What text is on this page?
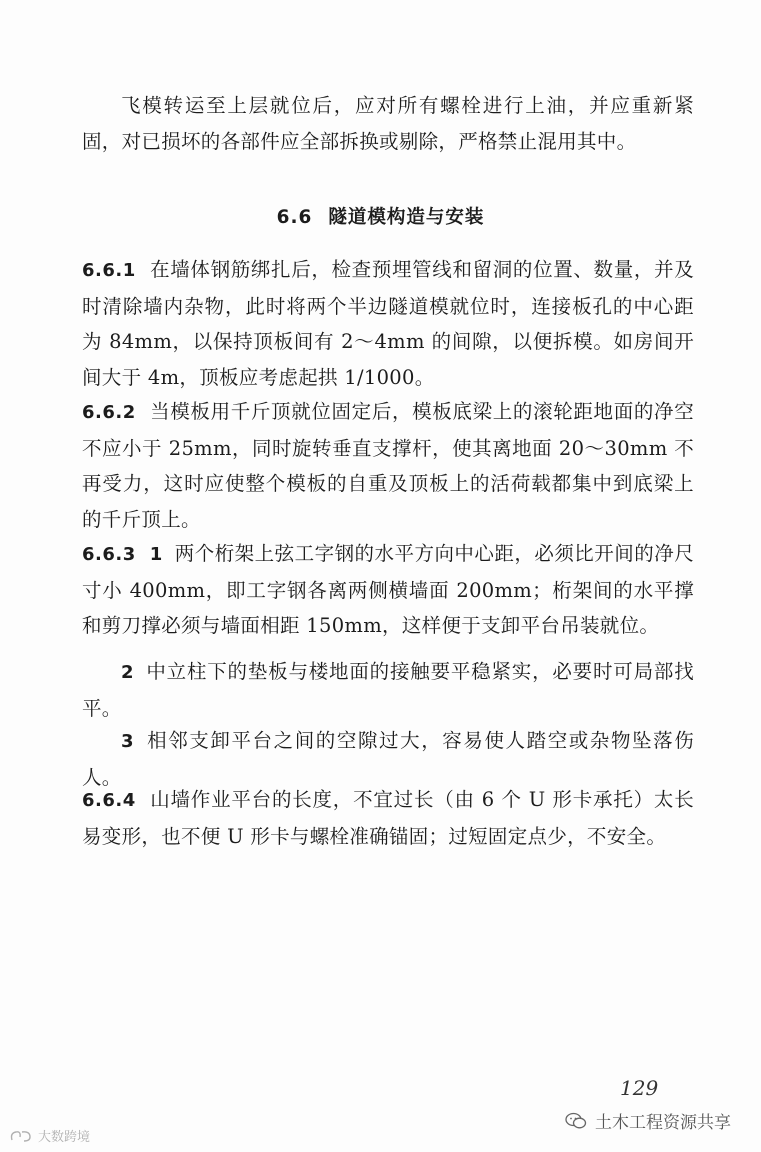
飞模转运至上层就位后，应对所有螺栓进行上油，并应重新紧固，对已损坏的各部件应全部拆换或剔除，严格禁止混用其中。
6.6 隧道模构造与安装
6.6.1 在墙体钢筋绑扎后，检查预埋管线和留洞的位置、数量，并及时清除墙内杂物，此时将两个半边隧道模就位时，连接板孔的中心距为 84mm，以保持顶板间有 2～4mm 的间隙，以便拆模。如房间开间大于 4m，顶板应考虑起拱 1/1000。
6.6.2 当模板用千斤顶就位固定后，模板底梁上的滚轮距地面的净空不应小于 25mm，同时旋转垂直支撑杆，使其离地面 20～30mm 不再受力，这时应使整个模板的自重及顶板上的活荷载都集中到底梁上的千斤顶上。
6.6.3 1 两个桁架上弦工字钢的水平方向中心距，必须比开间的净尺寸小 400mm，即工字钢各离两侧横墙面 200mm；桁架间的水平撑和剪刀撑必须与墙面相距 150mm，这样便于支卸平台吊装就位。
2 中立柱下的垫板与楼地面的接触要平稳紧实，必要时可局部找平。
3 相邻支卸平台之间的空隙过大，容易使人踏空或杂物坠落伤人。
6.6.4 山墙作业平台的长度，不宜过长（由 6 个 U 形卡承托）太长易变形，也不便 U 形卡与螺栓准确锚固；过短固定点少，不安全。
129
土木工程资源共享
大数跨境
